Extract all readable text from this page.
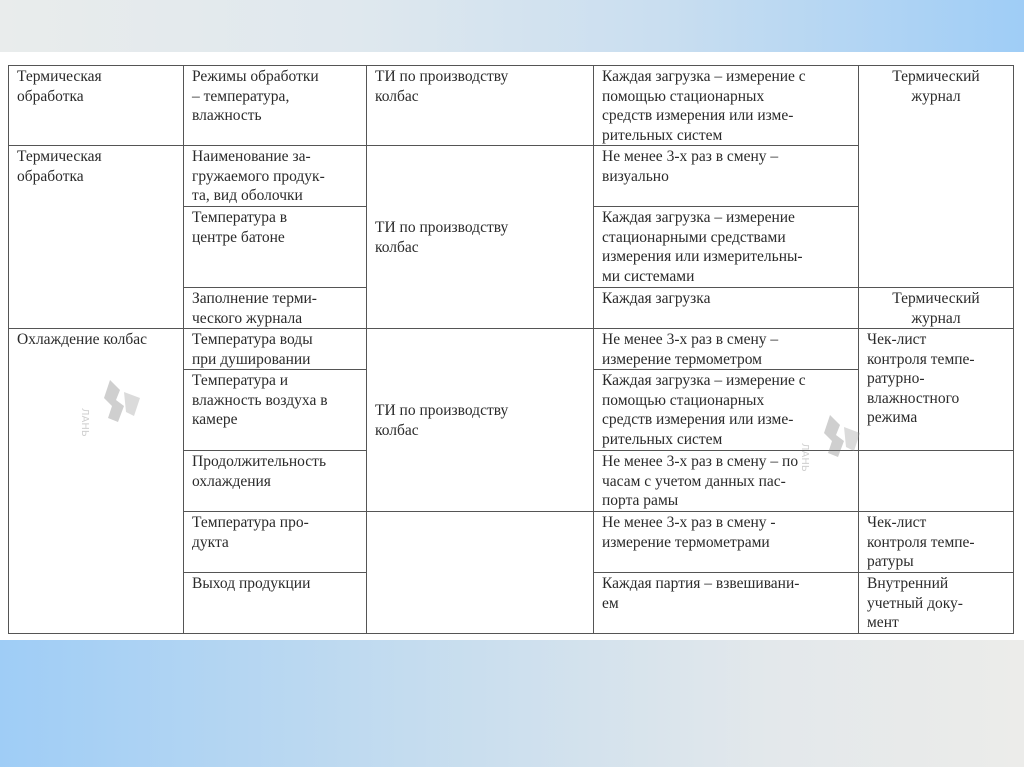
Термическая
обработка	Режимы обработки
– температура,
влажность	ТИ по производству
колбас	Каждая загрузка – измерение с
помощью стационарных
средств измерения или изме-
рительных систем	Термический
журнал
Термическая
обработка	Наименование за-
гружаемого продук-
та, вид оболочки	ТИ по производству
колбас	Не менее 3-х раз в смену –
визуально	
	Температура в
центре батоне		Каждая загрузка – измерение
стационарными средствами
измерения или измерительны-
ми системами	
	Заполнение терми-
ческого журнала		Каждая загрузка	Термический
журнал
Охлаждение колбас	Температура воды
при душировании	ТИ по производству
колбас	Не менее 3-х раз в смену –
измерение термометром	Чек-лист
контроля темпе-
ратурно-
влажностного
режима
	Температура и
влажность воздуха в
камере		Каждая загрузка – измерение с
помощью стационарных
средств измерения или изме-
рительных систем	
	Продолжительность
охлаждения		Не менее 3-х раз в смену – по
часам с учетом данных пас-
порта рамы	
	Температура про-
дукта		Не менее 3-х раз в смену -
измерение термометрами	Чек-лист
контроля темпе-
ратуры
	Выход продукции		Каждая партия – взвешивани-
ем	Внутренний
учетный доку-
мент
ЛАНЬ
ЛАНЬ
